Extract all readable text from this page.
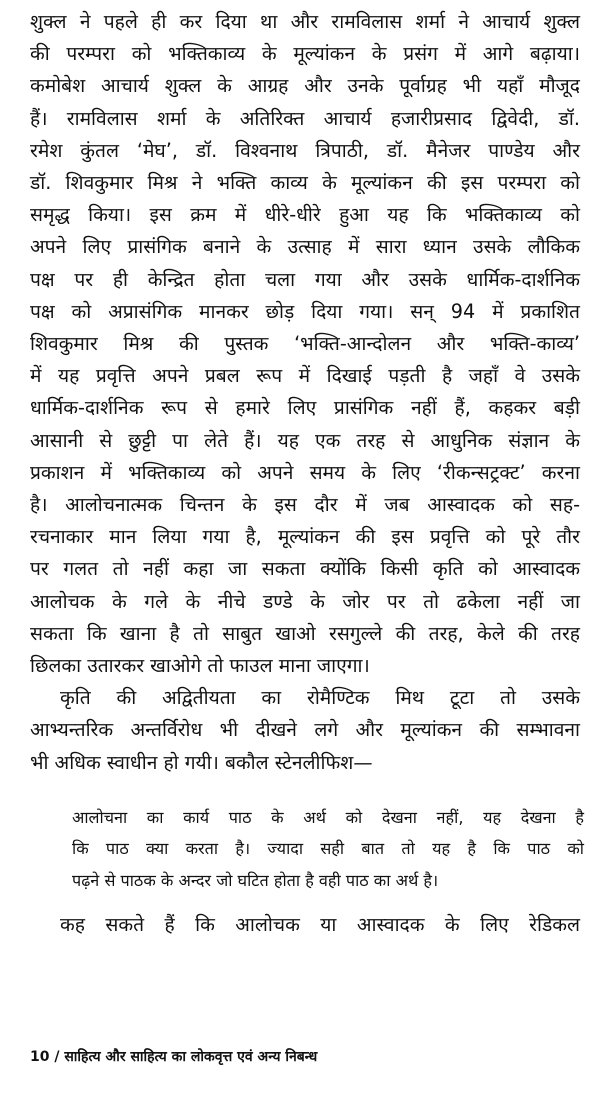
शुक्ल ने पहले ही कर दिया था और रामविलास शर्मा ने आचार्य शुक्ल
की परम्परा को भक्तिकाव्य के मूल्यांकन के प्रसंग में आगे बढ़ाया।
कमोबेश आचार्य शुक्ल के आग्रह और उनके पूर्वाग्रह भी यहाँ मौजूद
हैं। रामविलास शर्मा के अतिरिक्त आचार्य हजारीप्रसाद द्विवेदी, डॉ.
रमेश कुंतल ‘मेघ’, डॉ. विश्वनाथ त्रिपाठी, डॉ. मैनेजर पाण्डेय और
डॉ. शिवकुमार मिश्र ने भक्ति काव्य के मूल्यांकन की इस परम्परा को
समृद्ध किया। इस क्रम में धीरे-धीरे हुआ यह कि भक्तिकाव्य को
अपने लिए प्रासंगिक बनाने के उत्साह में सारा ध्यान उसके लौकिक
पक्ष पर ही केन्द्रित होता चला गया और उसके धार्मिक-दार्शनिक
पक्ष को अप्रासंगिक मानकर छोड़ दिया गया। सन् 94 में प्रकाशित
शिवकुमार मिश्र की पुस्तक ‘भक्ति-आन्दोलन और भक्ति-काव्य’
में यह प्रवृत्ति अपने प्रबल रूप में दिखाई पड़ती है जहाँ वे उसके
धार्मिक-दार्शनिक रूप से हमारे लिए प्रासंगिक नहीं हैं, कहकर बड़ी
आसानी से छुट्टी पा लेते हैं। यह एक तरह से आधुनिक संज्ञान के
प्रकाशन में भक्तिकाव्य को अपने समय के लिए ‘रीकन्सट्रक्ट’ करना
है। आलोचनात्मक चिन्तन के इस दौर में जब आस्वादक को सह-
रचनाकार मान लिया गया है, मूल्यांकन की इस प्रवृत्ति को पूरे तौर
पर गलत तो नहीं कहा जा सकता क्योंकि किसी कृति को आस्वादक
आलोचक के गले के नीचे डण्डे के जोर पर तो ढकेला नहीं जा
सकता कि खाना है तो साबुत खाओ रसगुल्ले की तरह, केले की तरह
छिलका उतारकर खाओगे तो फाउल माना जाएगा।
कृति की अद्वितीयता का रोमैण्टिक मिथ टूटा तो उसके
आभ्यन्तरिक अन्तर्विरोध भी दीखने लगे और मूल्यांकन की सम्भावना
भी अधिक स्वाधीन हो गयी। बकौल स्टेनलीफिश—
आलोचना का कार्य पाठ के अर्थ को देखना नहीं, यह देखना है
कि पाठ क्या करता है। ज्यादा सही बात तो यह है कि पाठ को
पढ़ने से पाठक के अन्दर जो घटित होता है वही पाठ का अर्थ है।
कह सकते हैं कि आलोचक या आस्वादक के लिए रेडिकल
10 / साहित्य और साहित्य का लोकवृत्त एवं अन्य निबन्ध
